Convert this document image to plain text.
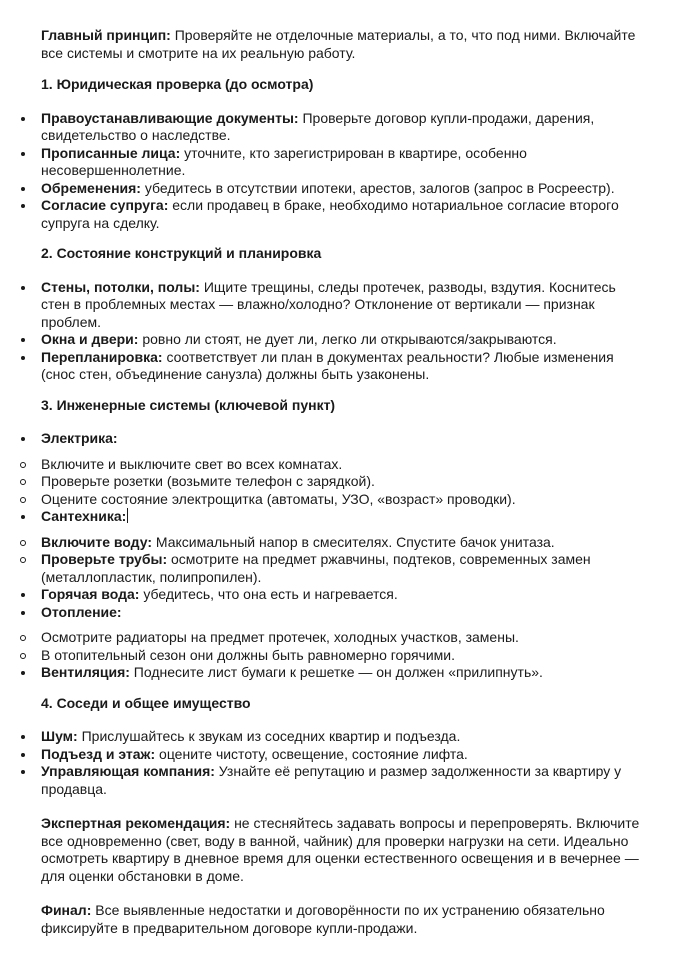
Главный принцип: Проверяйте не отделочные материалы, а то, что под ними. Включайте все системы и смотрите на их реальную работу.

1. Юридическая проверка (до осмотра)
Правоустанавливающие документы: Проверьте договор купли-продажи, дарения, свидетельство о наследстве.
Прописанные лица: уточните, кто зарегистрирован в квартире, особенно несовершеннолетние.
Обременения: убедитесь в отсутствии ипотеки, арестов, залогов (запрос в Росреестр).
Согласие супруга: если продавец в браке, необходимо нотариальное согласие второго супруга на сделку.
2. Состояние конструкций и планировка
Стены, потолки, полы: Ищите трещины, следы протечек, разводы, вздутия. Коснитесь стен в проблемных местах — влажно/холодно? Отклонение от вертикали — признак проблем.
Окна и двери: ровно ли стоят, не дует ли, легко ли открываются/закрываются.
Перепланировка: соответствует ли план в документах реальности? Любые изменения (снос стен, объединение санузла) должны быть узаконены.
3. Инженерные системы (ключевой пункт)
Электрика:
Включите и выключите свет во всех комнатах.
Проверьте розетки (возьмите телефон с зарядкой).
Оцените состояние электрощитка (автоматы, УЗО, «возраст» проводки).
Сантехника:
Включите воду: Максимальный напор в смесителях. Спустите бачок унитаза.
Проверьте трубы: осмотрите на предмет ржавчины, подтеков, современных замен (металлопластик, полипропилен).
Горячая вода: убедитесь, что она есть и нагревается.
Отопление:
Осмотрите радиаторы на предмет протечек, холодных участков, замены.
В отопительный сезон они должны быть равномерно горячими.
Вентиляция: Поднесите лист бумаги к решетке — он должен «прилипнуть».
4. Соседи и общее имущество
Шум: Прислушайтесь к звукам из соседних квартир и подъезда.
Подъезд и этаж: оцените чистоту, освещение, состояние лифта.
Управляющая компания: Узнайте её репутацию и размер задолженности за квартиру у продавца.

Экспертная рекомендация: не стесняйтесь задавать вопросы и перепроверять. Включите все одновременно (свет, воду в ванной, чайник) для проверки нагрузки на сети. Идеально осмотреть квартиру в дневное время для оценки естественного освещения и в вечернее — для оценки обстановки в доме.

Финал: Все выявленные недостатки и договорённости по их устранению обязательно фиксируйте в предварительном договоре купли-продажи.
